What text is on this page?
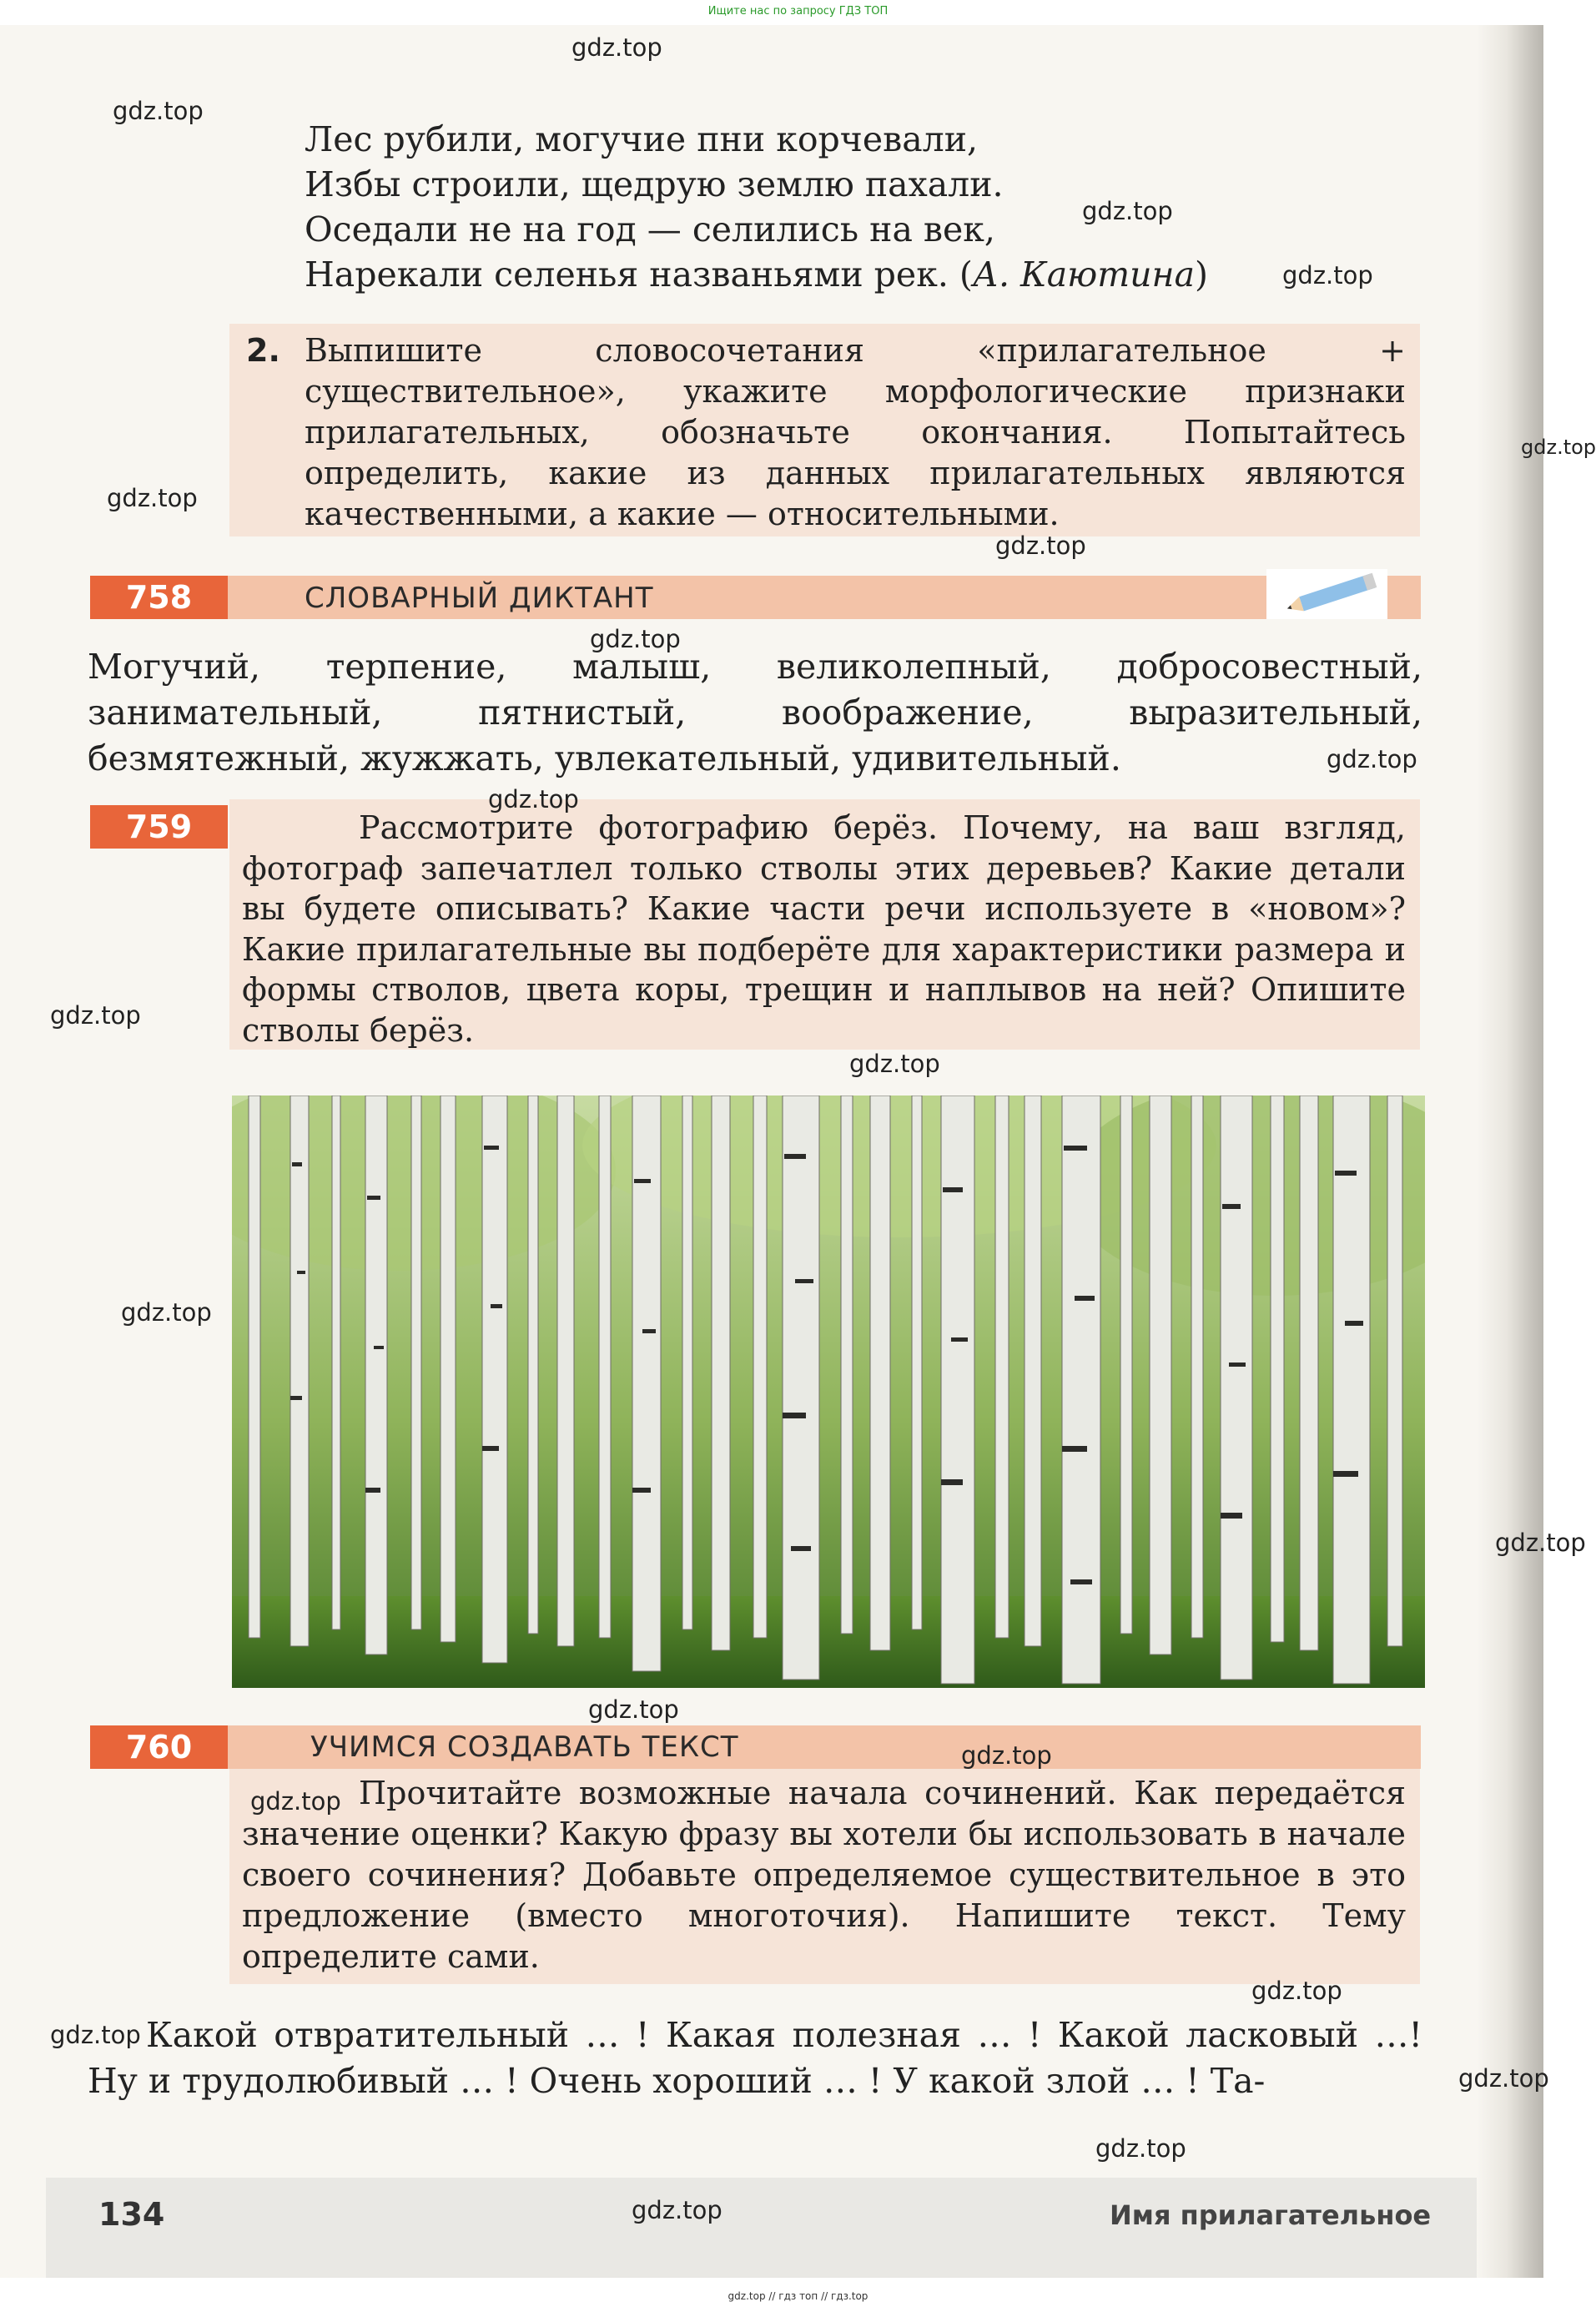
Ищите нас по запросу ГДЗ ТОП
Лес рубили, могучие пни корчевали,
Избы строили, щедрую землю пахали.
Оседали не на год — селились на век,
Нарекали селенья названьями рек. (А. Каютина)
2. Выпишите словосочетания «прилагательное + существительное», укажите морфологические признаки прилагательных, обозначьте окончания. Попытайтесь определить, какие из данных прилагательных являются качественными, а какие — относительными.
758	СЛОВАРНЫЙ ДИКТАНТ
Могучий, терпение, малыш, великолепный, добросовестный, занимательный, пятнистый, воображение, выразительный, безмятежный, жужжать, увлекательный, удивительный.
759	Рассмотрите фотографию берёз. Почему, на ваш взгляд, фотограф запечатлел только стволы этих деревьев? Какие детали вы будете описывать? Какие части речи используете в «новом»? Какие прилагательные вы подберёте для характеристики размера и формы стволов, цвета коры, трещин и наплывов на ней? Опишите стволы берёз.
760	УЧИМСЯ СОЗДАВАТЬ ТЕКСТ
Прочитайте возможные начала сочинений. Как передаётся значение оценки? Какую фразу вы хотели бы использовать в начале своего сочинения? Добавьте определяемое существительное в это предложение (вместо многоточия). Напишите текст. Тему определите сами.
Какой отвратительный … ! Какая полезная … ! Какой ласковый …! Ну и трудолюбивый … ! Очень хороший … ! У какой злой … ! Та-
134	Имя прилагательное
gdz.top
gdz.top
gdz.top
gdz.top
gdz.top
gdz.top
gdz.top
gdz.top
gdz.top
gdz.top
gdz.top
gdz.top
gdz.top
gdz.top
gdz.top
gdz.top
gdz.top
gdz.top
gdz.top
gdz.top
gdz.top
gdz.top
gdz.top // гдз топ // гдз.top
